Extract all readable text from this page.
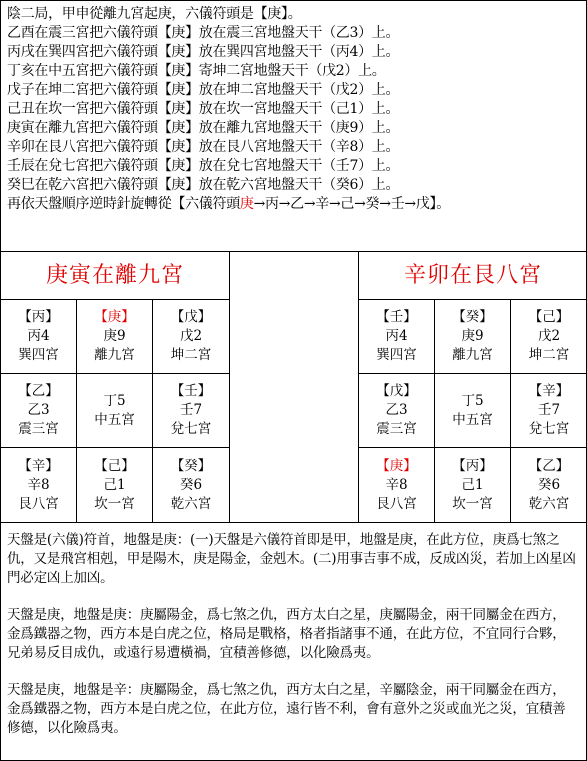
陰二局，甲申從離九宮起庚，六儀符頭是【庚】。
乙酉在震三宮把六儀符頭【庚】放在震三宮地盤天干（乙3）上。
丙戌在巽四宮把六儀符頭【庚】放在巽四宮地盤天干（丙4）上。
丁亥在中五宮把六儀符頭【庚】寄坤二宮地盤天干（戊2）上。
戊子在坤二宮把六儀符頭【庚】放在坤二宮地盤天干（戊2）上。
己丑在坎一宮把六儀符頭【庚】放在坎一宮地盤天干（己1）上。
庚寅在離九宮把六儀符頭【庚】放在離九宮地盤天干（庚9）上。
辛卯在艮八宮把六儀符頭【庚】放在艮八宮地盤天干（辛8）上。
壬辰在兌七宮把六儀符頭【庚】放在兌七宮地盤天干（壬7）上。
癸巳在乾六宮把六儀符頭【庚】放在乾六宮地盤天干（癸6）上。
再依天盤順序逆時針旋轉從【六儀符頭庚→丙→乙→辛→己→癸→壬→戊】。
庚寅在離九宮
【丙】
丙4
巽四宮
【庚】
庚9
離九宮
【戊】
戊2
坤二宮
【乙】
乙3
震三宮
丁5
中五宮
【壬】
壬7
兌七宮
【辛】
辛8
艮八宮
【己】
己1
坎一宮
【癸】
癸6
乾六宮
辛卯在艮八宮
【壬】
丙4
巽四宮
【癸】
庚9
離九宮
【己】
戊2
坤二宮
【戊】
乙3
震三宮
丁5
中五宮
【辛】
壬7
兌七宮
【庚】
辛8
艮八宮
【丙】
己1
坎一宮
【乙】
癸6
乾六宮

天盤是(六儀)符首，地盤是庚：(一)天盤是六儀符首即是甲，地盤是庚，在此方位，庚爲七煞之仇，又是飛宮相剋，甲是陽木，庚是陽金，金剋木。(二)用事吉事不成，反成凶災，若加上凶星凶門必定凶上加凶。

天盤是庚，地盤是庚：庚屬陽金，爲七煞之仇，西方太白之星，庚屬陽金，兩干同屬金在西方，金爲鐵器之物，西方本是白虎之位，格局是戰格，格者指諸事不通，在此方位，不宜同行合夥，兄弟易反目成仇，或遠行易遭橫禍，宜積善修德，以化險爲夷。

天盤是庚，地盤是辛：庚屬陽金，爲七煞之仇，西方太白之星，辛屬陰金，兩干同屬金在西方，金爲鐵器之物，西方本是白虎之位，在此方位，遠行皆不利，會有意外之災或血光之災，宜積善修德，以化險爲夷。
